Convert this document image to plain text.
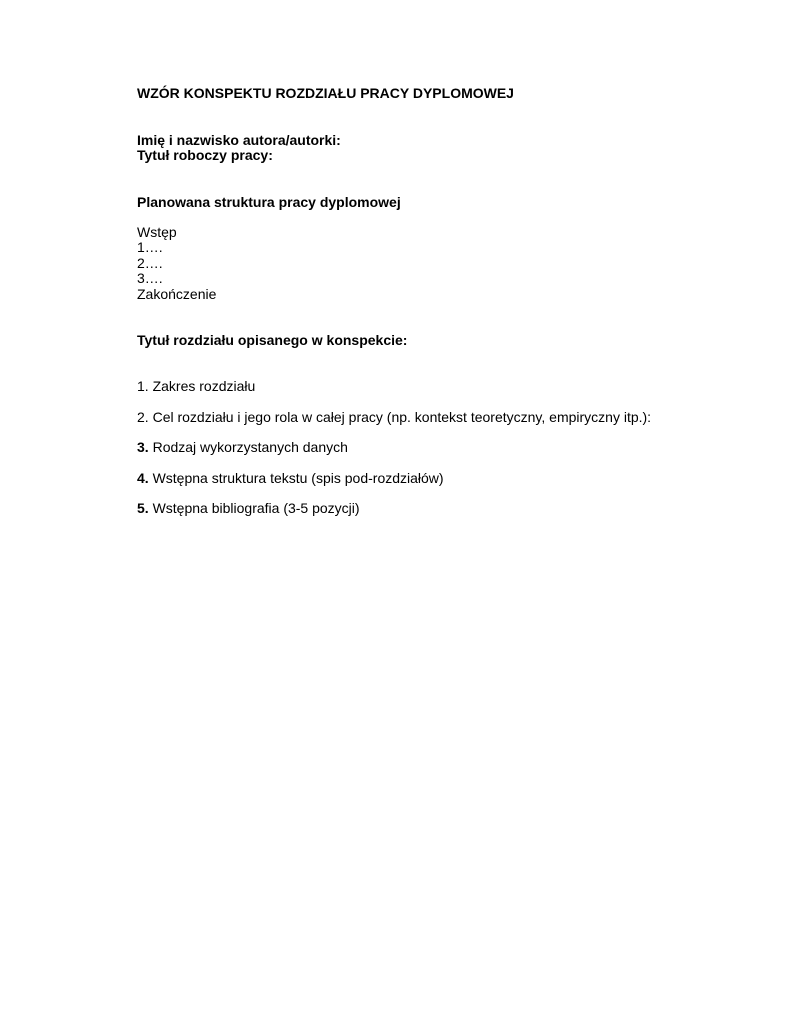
WZÓR KONSPEKTU ROZDZIAŁU PRACY DYPLOMOWEJ
Imię i nazwisko autora/autorki:
Tytuł roboczy pracy:
Planowana struktura pracy dyplomowej
Wstęp
1….
2….
3….
Zakończenie
Tytuł rozdziału opisanego w konspekcie:
1. Zakres rozdziału
2. Cel rozdziału i jego rola w całej pracy (np. kontekst teoretyczny, empiryczny itp.):
3. Rodzaj wykorzystanych danych
4. Wstępna struktura tekstu (spis pod-rozdziałów)
5. Wstępna bibliografia (3-5 pozycji)
